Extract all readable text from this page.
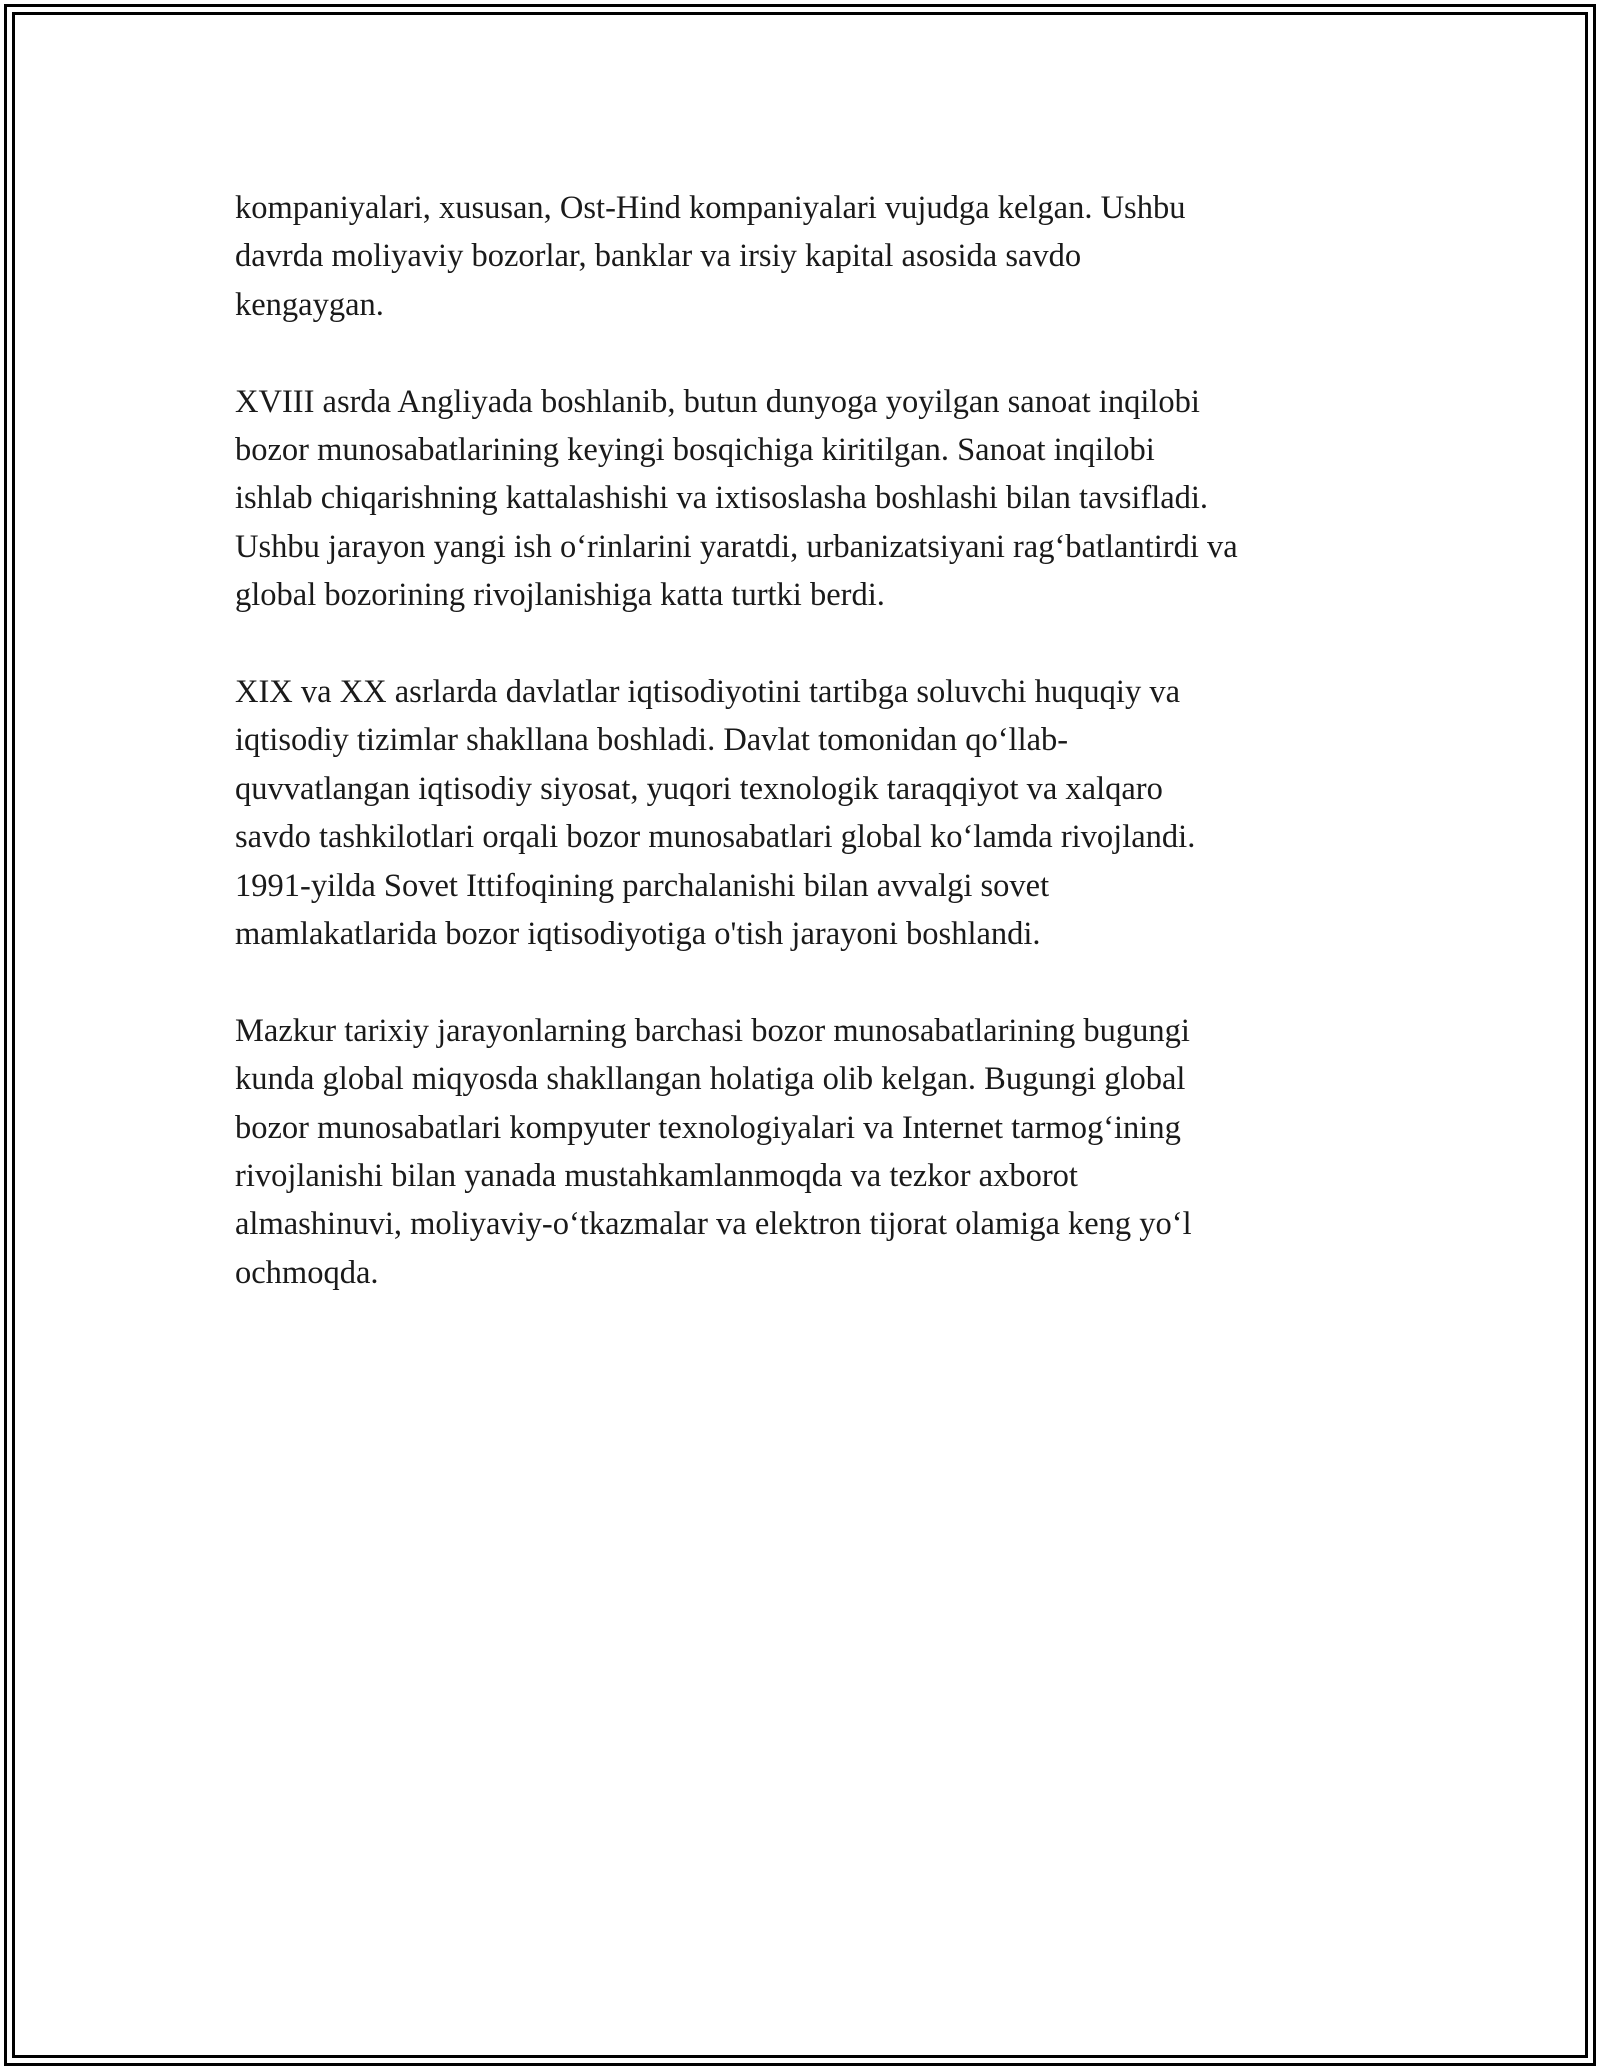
kompaniyalari, xususan, Ost-Hind kompaniyalari vujudga kelgan. Ushbu
davrda moliyaviy bozorlar, banklar va irsiy kapital asosida savdo
kengaygan.

XVIII asrda Angliyada boshlanib, butun dunyoga yoyilgan sanoat inqilobi
bozor munosabatlarining keyingi bosqichiga kiritilgan. Sanoat inqilobi
ishlab chiqarishning kattalashishi va ixtisoslasha boshlashi bilan tavsifladi.
Ushbu jarayon yangi ish o‘rinlarini yaratdi, urbanizatsiyani rag‘batlantirdi va
global bozorining rivojlanishiga katta turtki berdi.

XIX va XX asrlarda davlatlar iqtisodiyotini tartibga soluvchi huquqiy va
iqtisodiy tizimlar shakllana boshladi. Davlat tomonidan qo‘llab-
quvvatlangan iqtisodiy siyosat, yuqori texnologik taraqqiyot va xalqaro
savdo tashkilotlari orqali bozor munosabatlari global ko‘lamda rivojlandi.
1991-yilda Sovet Ittifoqining parchalanishi bilan avvalgi sovet
mamlakatlarida bozor iqtisodiyotiga o'tish jarayoni boshlandi.

Mazkur tarixiy jarayonlarning barchasi bozor munosabatlarining bugungi
kunda global miqyosda shakllangan holatiga olib kelgan. Bugungi global
bozor munosabatlari kompyuter texnologiyalari va Internet tarmog‘ining
rivojlanishi bilan yanada mustahkamlanmoqda va tezkor axborot
almashinuvi, moliyaviy-o‘tkazmalar va elektron tijorat olamiga keng yo‘l
ochmoqda.
